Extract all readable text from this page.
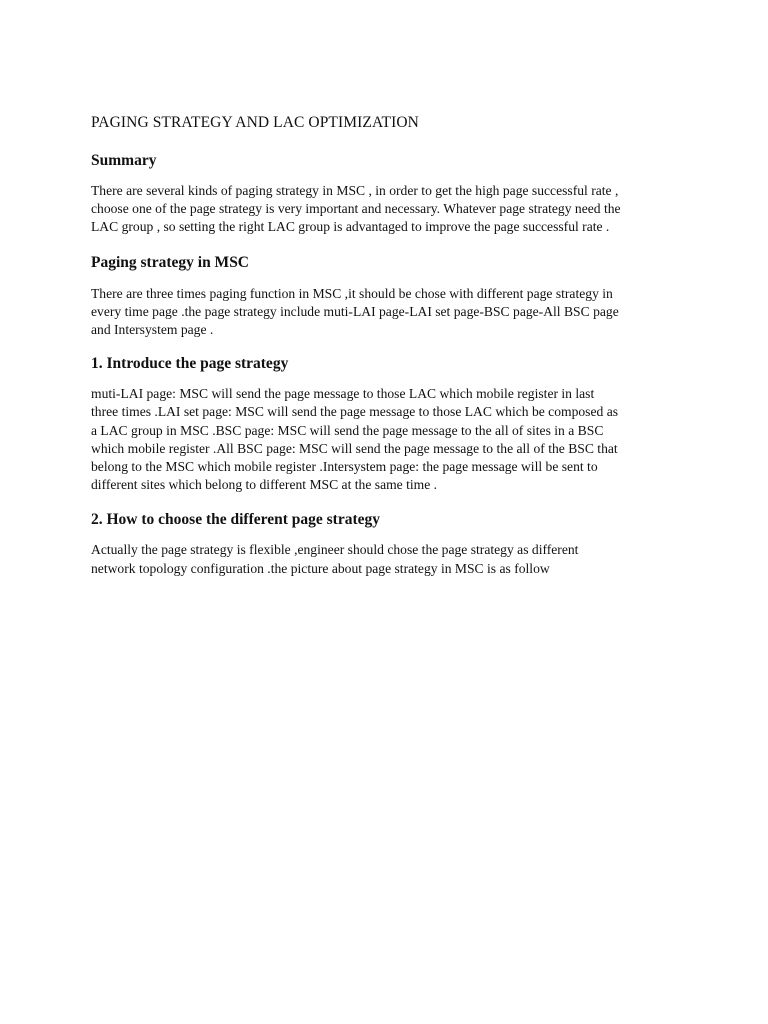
PAGING STRATEGY AND LAC OPTIMIZATION
Summary

There are several kinds of paging strategy in MSC , in order to get the high page successful rate ,
choose one of the page strategy is very important and necessary. Whatever page strategy need the
LAC group , so setting the right LAC group is advantaged to improve the page successful rate .

Paging strategy in MSC

There are three times paging function in MSC ,it should be chose with different page strategy in
every time page .the page strategy include muti-LAI page-LAI set page-BSC page-All BSC page
and Intersystem page .

1. Introduce the page strategy

muti-LAI page: MSC will send the page message to those LAC which mobile register in last
three times .LAI set page: MSC will send the page message to those LAC which be composed as
a LAC group in MSC .BSC page: MSC will send the page message to the all of sites in a BSC
which mobile register .All BSC page: MSC will send the page message to the all of the BSC that
belong to the MSC which mobile register .Intersystem page: the page message will be sent to
different sites which belong to different MSC at the same time .

2. How to choose the different page strategy

Actually the page strategy is flexible ,engineer should chose the page strategy as different
network topology configuration .the picture about page strategy in MSC is as follow
